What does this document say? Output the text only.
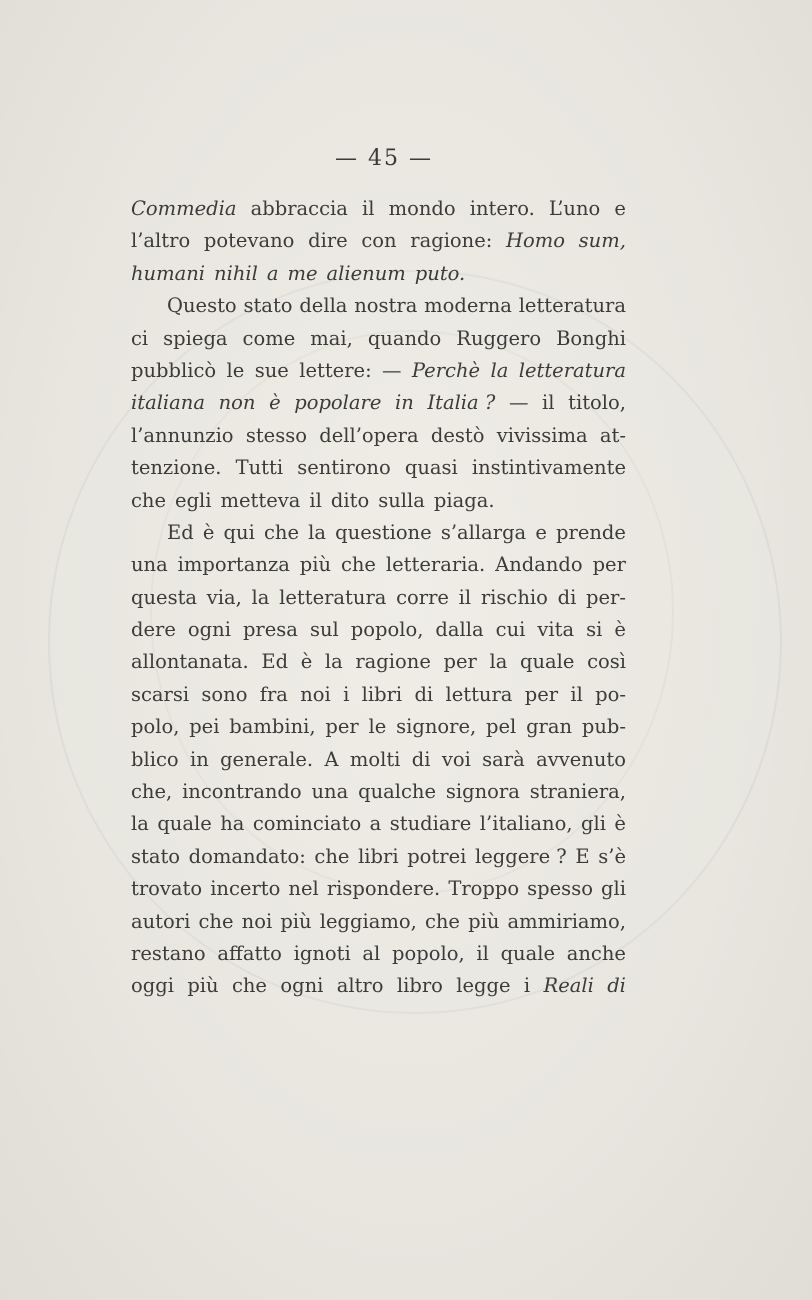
— 45 —
Commedia abbraccia il mondo intero. L’uno e
l’altro potevano dire con ragione: Homo sum,
humani nihil a me alienum puto.
Questo stato della nostra moderna letteratura
ci spiega come mai, quando Ruggero Bonghi
pubblicò le sue lettere: — Perchè la letteratura
italiana non è popolare in Italia ? — il titolo,
l’annunzio stesso dell’opera destò vivissima at-
tenzione. Tutti sentirono quasi instintivamente
che egli metteva il dito sulla piaga.
Ed è qui che la questione s’allarga e prende
una importanza più che letteraria. Andando per
questa via, la letteratura corre il rischio di per-
dere ogni presa sul popolo, dalla cui vita si è
allontanata. Ed è la ragione per la quale così
scarsi sono fra noi i libri di lettura per il po-
polo, pei bambini, per le signore, pel gran pub-
blico in generale. A molti di voi sarà avvenuto
che, incontrando una qualche signora straniera,
la quale ha cominciato a studiare l’italiano, gli è
stato domandato: che libri potrei leggere ? E s’è
trovato incerto nel rispondere. Troppo spesso gli
autori che noi più leggiamo, che più ammiriamo,
restano affatto ignoti al popolo, il quale anche
oggi più che ogni altro libro legge i Reali di
